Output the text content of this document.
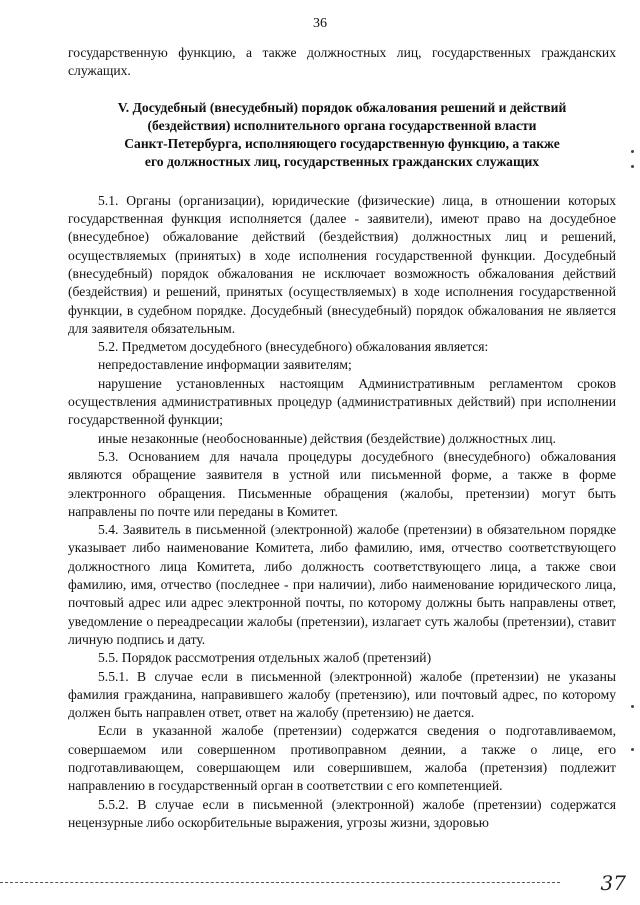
36

государственную функцию, а также должностных лиц, государственных гражданских служащих.

V. Досудебный (внесудебный) порядок обжалования решений и действий
(бездействия) исполнительного органа государственной власти
Санкт-Петербурга, исполняющего государственную функцию, а также
его должностных лиц, государственных гражданских служащих

5.1. Органы (организации), юридические (физические) лица, в отношении которых государственная функция исполняется (далее - заявители), имеют право на досудебное (внесудебное) обжалование действий (бездействия) должностных лиц и решений, осуществляемых (принятых) в ходе исполнения государственной функции. Досудебный (внесудебный) порядок обжалования не исключает возможность обжалования действий (бездействия) и решений, принятых (осуществляемых) в ходе исполнения государственной функции, в судебном порядке. Досудебный (внесудебный) порядок обжалования не является для заявителя обязательным.

5.2. Предметом досудебного (внесудебного) обжалования является:

непредоставление информации заявителям;

нарушение установленных настоящим Административным регламентом сроков осуществления административных процедур (административных действий) при исполнении государственной функции;

иные незаконные (необоснованные) действия (бездействие) должностных лиц.

5.3. Основанием для начала процедуры досудебного (внесудебного) обжалования являются обращение заявителя в устной или письменной форме, а также в форме электронного обращения. Письменные обращения (жалобы, претензии) могут быть направлены по почте или переданы в Комитет.

5.4. Заявитель в письменной (электронной) жалобе (претензии) в обязательном порядке указывает либо наименование Комитета, либо фамилию, имя, отчество соответствующего должностного лица Комитета, либо должность соответствующего лица, а также свои фамилию, имя, отчество (последнее - при наличии), либо наименование юридического лица, почтовый адрес или адрес электронной почты, по которому должны быть направлены ответ, уведомление о переадресации жалобы (претензии), излагает суть жалобы (претензии), ставит личную подпись и дату.

5.5. Порядок рассмотрения отдельных жалоб (претензий)

5.5.1. В случае если в письменной (электронной) жалобе (претензии) не указаны фамилия гражданина, направившего жалобу (претензию), или почтовый адрес, по которому должен быть направлен ответ, ответ на жалобу (претензию) не дается.

Если в указанной жалобе (претензии) содержатся сведения о подготавливаемом, совершаемом или совершенном противоправном деянии, а также о лице, его подготавливающем, совершающем или совершившем, жалоба (претензия) подлежит направлению в государственный орган в соответствии с его компетенцией.

5.5.2. В случае если в письменной (электронной) жалобе (претензии) содержатся нецензурные либо оскорбительные выражения, угрозы жизни, здоровью

37
